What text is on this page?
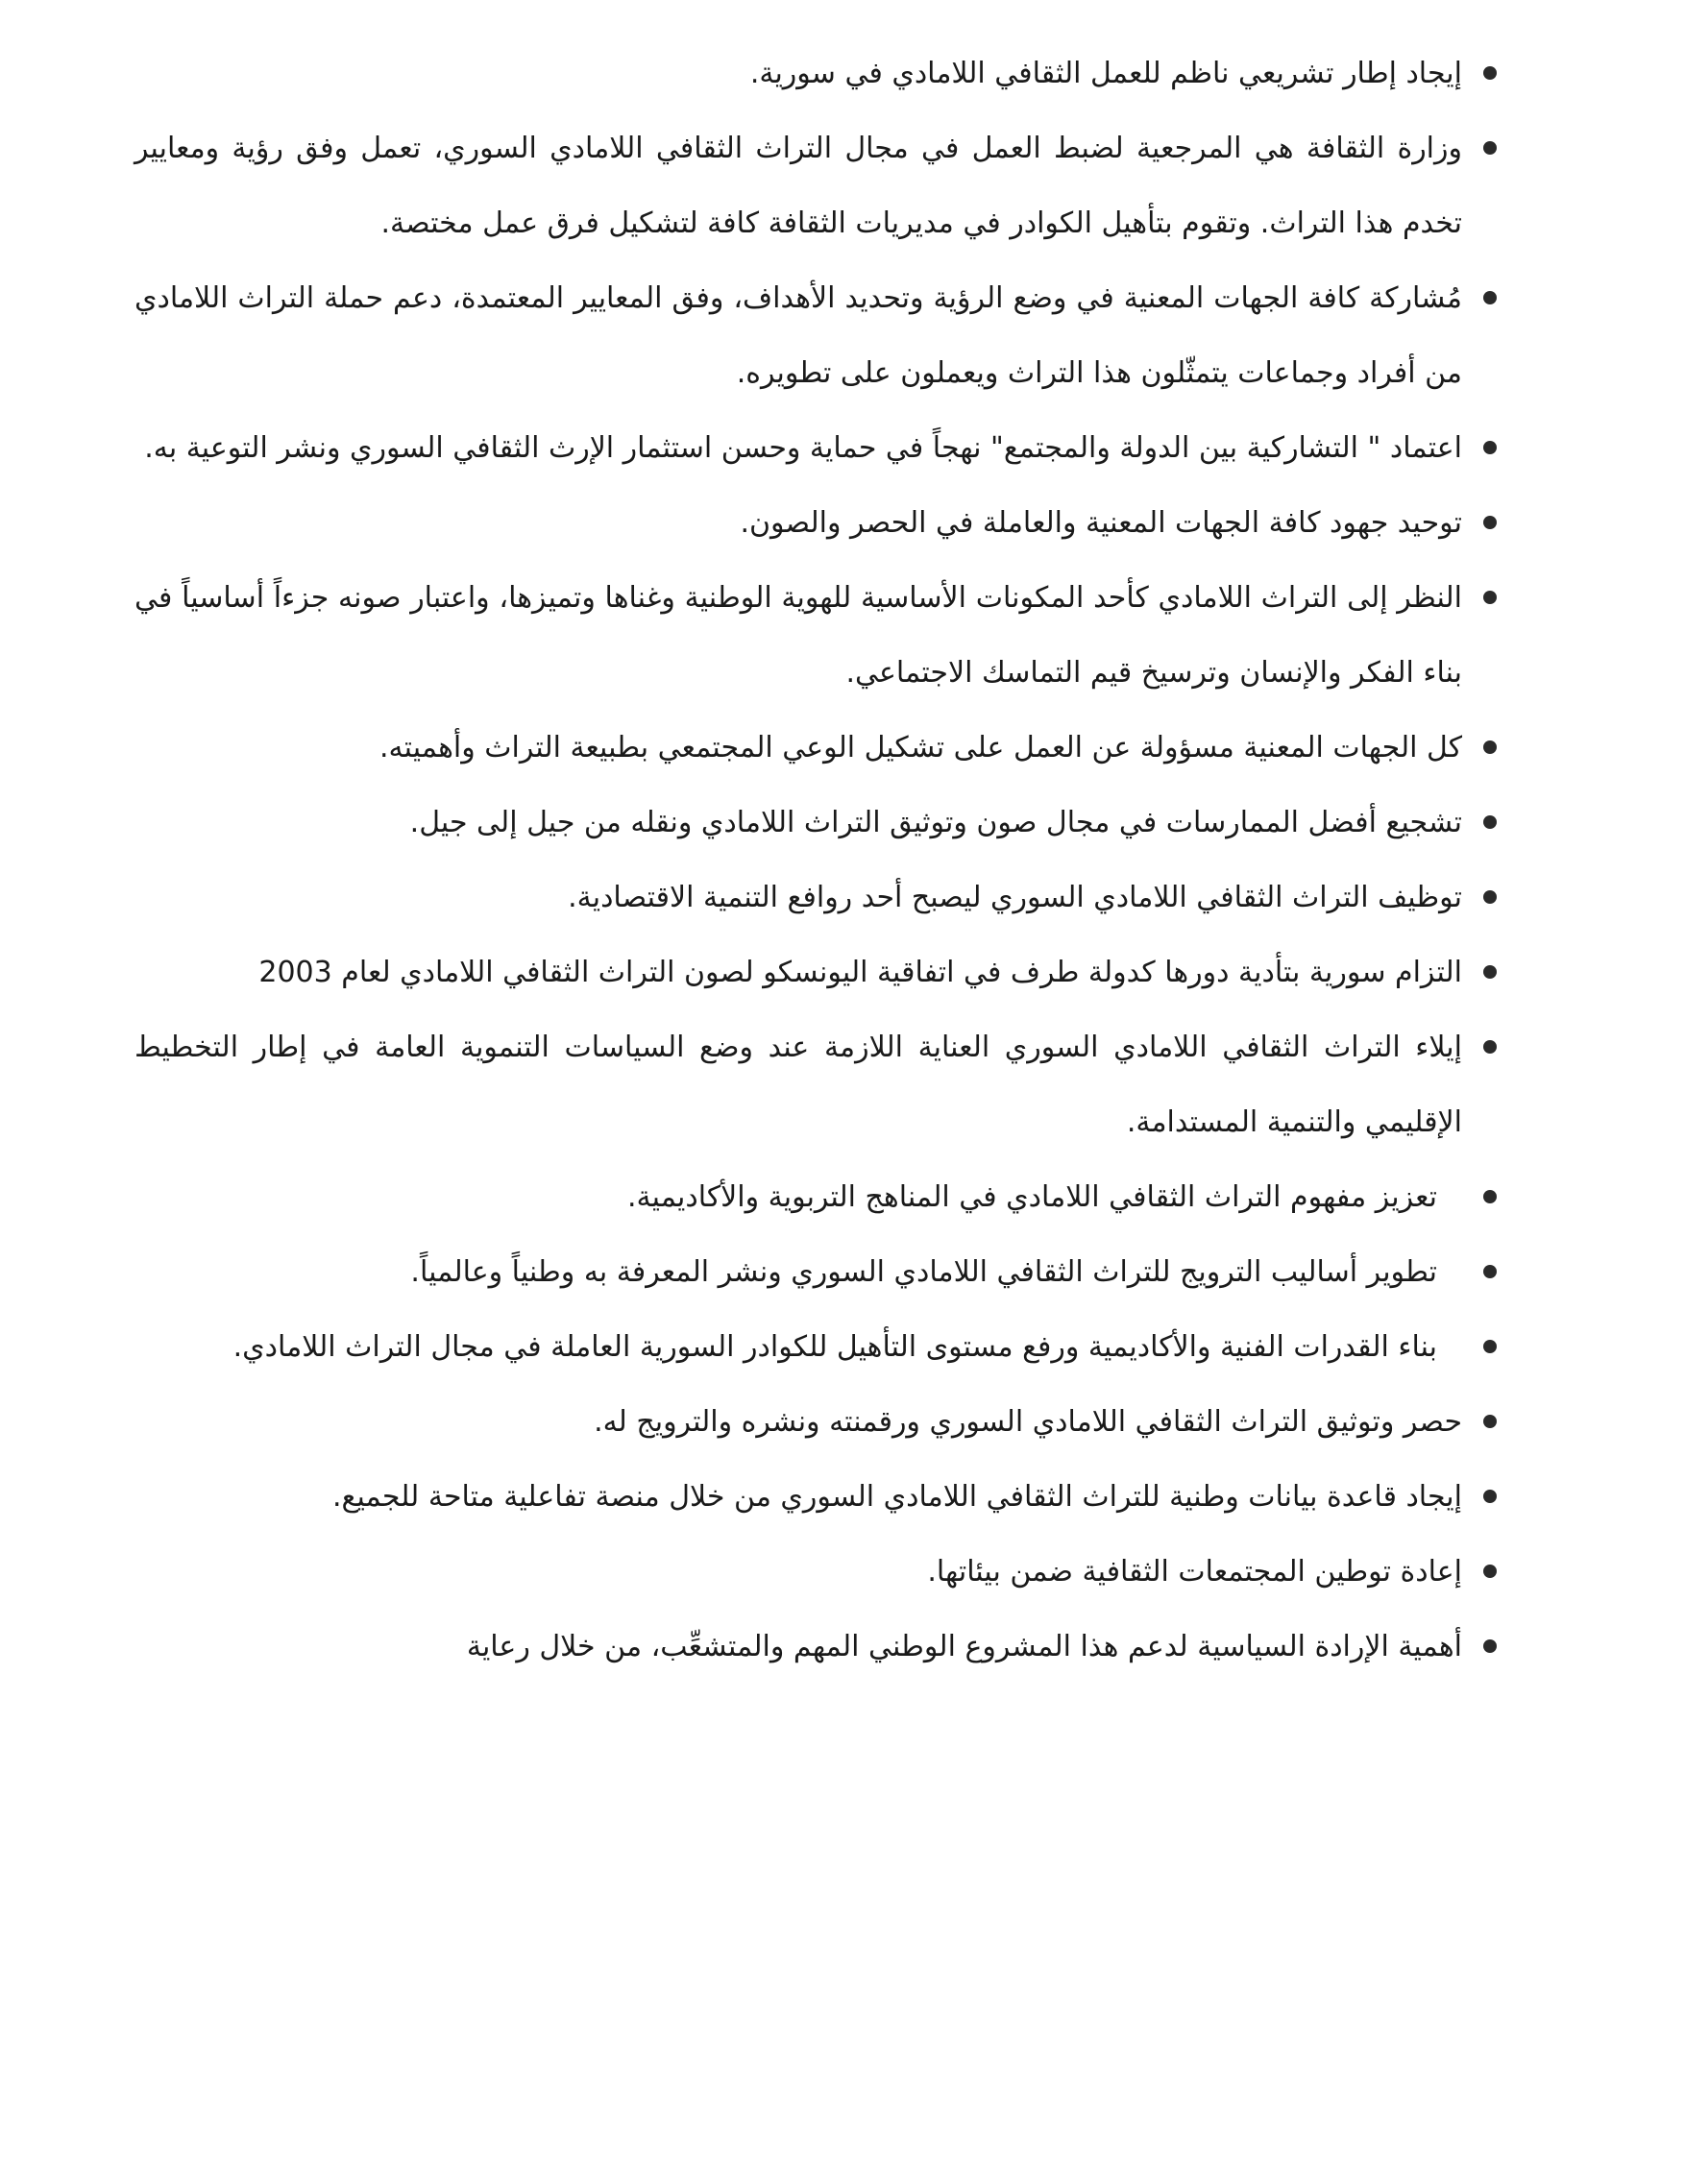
إيجاد إطار تشريعي ناظم للعمل الثقافي اللامادي في سورية.
وزارة الثقافة هي المرجعية لضبط العمل في مجال التراث الثقافي اللامادي السوري، تعمل وفق رؤية ومعايير تخدم هذا التراث. وتقوم بتأهيل الكوادر في مديريات الثقافة كافة لتشكيل فرق عمل مختصة.
مُشاركة كافة الجهات المعنية في وضع الرؤية وتحديد الأهداف، وفق المعايير المعتمدة، دعم حملة التراث اللامادي من أفراد وجماعات يتمثّلون هذا التراث ويعملون على تطويره.
اعتماد " التشاركية بين الدولة والمجتمع" نهجاً في حماية وحسن استثمار الإرث الثقافي السوري ونشر التوعية به.
توحيد جهود كافة الجهات المعنية والعاملة في الحصر والصون.
النظر إلى التراث اللامادي كأحد المكونات الأساسية للهوية الوطنية وغناها وتميزها، واعتبار صونه جزءاً أساسياً في بناء الفكر والإنسان وترسيخ قيم التماسك الاجتماعي.
كل الجهات المعنية مسؤولة عن العمل على تشكيل الوعي المجتمعي بطبيعة التراث وأهميته.
تشجيع أفضل الممارسات في مجال صون وتوثيق التراث اللامادي ونقله من جيل إلى جيل.
توظيف التراث الثقافي اللامادي السوري ليصبح أحد روافع التنمية الاقتصادية.
التزام سورية بتأدية دورها كدولة طرف في اتفاقية اليونسكو لصون التراث الثقافي اللامادي لعام 2003
إيلاء التراث الثقافي اللامادي السوري العناية اللازمة عند وضع السياسات التنموية العامة في إطار التخطيط الإقليمي والتنمية المستدامة.
تعزيز مفهوم التراث الثقافي اللامادي في المناهج التربوية والأكاديمية.
تطوير أساليب الترويج للتراث الثقافي اللامادي السوري ونشر المعرفة به وطنياً وعالمياً.
بناء القدرات الفنية والأكاديمية ورفع مستوى التأهيل للكوادر السورية العاملة في مجال التراث اللامادي.
حصر وتوثيق التراث الثقافي اللامادي السوري ورقمنته ونشره والترويج له.
إيجاد قاعدة بيانات وطنية للتراث الثقافي اللامادي السوري من خلال منصة تفاعلية متاحة للجميع.
إعادة توطين المجتمعات الثقافية ضمن بيئاتها.
أهمية الإرادة السياسية لدعم هذا المشروع الوطني المهم والمتشعِّب، من خلال رعاية
